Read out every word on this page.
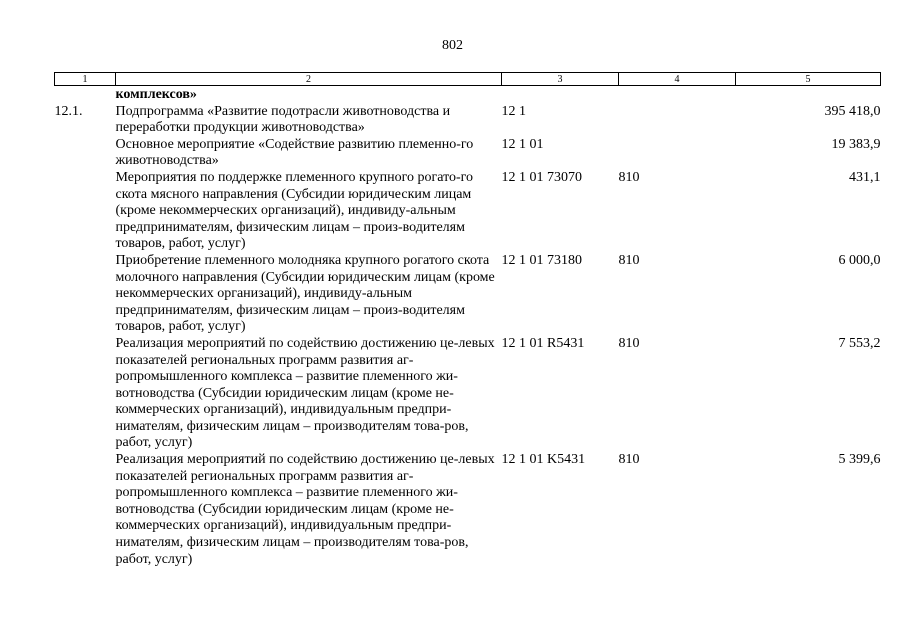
802
1	2	3	4	5
	комплексов»			
12.1.	Подпрограмма «Развитие подотрасли животноводства и переработки продукции животноводства»	12 1		395 418,0
	Основное мероприятие «Содействие развитию племенно-го животноводства»	12 1 01		19 383,9
	Мероприятия по поддержке племенного крупного рогато-го скота мясного направления (Субсидии юридическим лицам (кроме некоммерческих организаций), индивиду-альным предпринимателям, физическим лицам – произ-водителям товаров, работ, услуг)	12 1 01 73070	810	431,1
	Приобретение племенного молодняка крупного рогатого скота молочного направления (Субсидии юридическим лицам (кроме некоммерческих организаций), индивиду-альным предпринимателям, физическим лицам – произ-водителям товаров, работ, услуг)	12 1 01 73180	810	6 000,0
	Реализация мероприятий по содействию достижению це-левых показателей региональных программ развития аг-ропромышленного комплекса – развитие племенного жи-вотноводства (Субсидии юридическим лицам (кроме не-коммерческих организаций), индивидуальным предпри-нимателям, физическим лицам – производителям това-ров, работ, услуг)	12 1 01 R5431	810	7 553,2
	Реализация мероприятий по содействию достижению це-левых показателей региональных программ развития аг-ропромышленного комплекса – развитие племенного жи-вотноводства (Субсидии юридическим лицам (кроме не-коммерческих организаций), индивидуальным предпри-нимателям, физическим лицам – производителям това-ров, работ, услуг)	12 1 01 K5431	810	5 399,6
